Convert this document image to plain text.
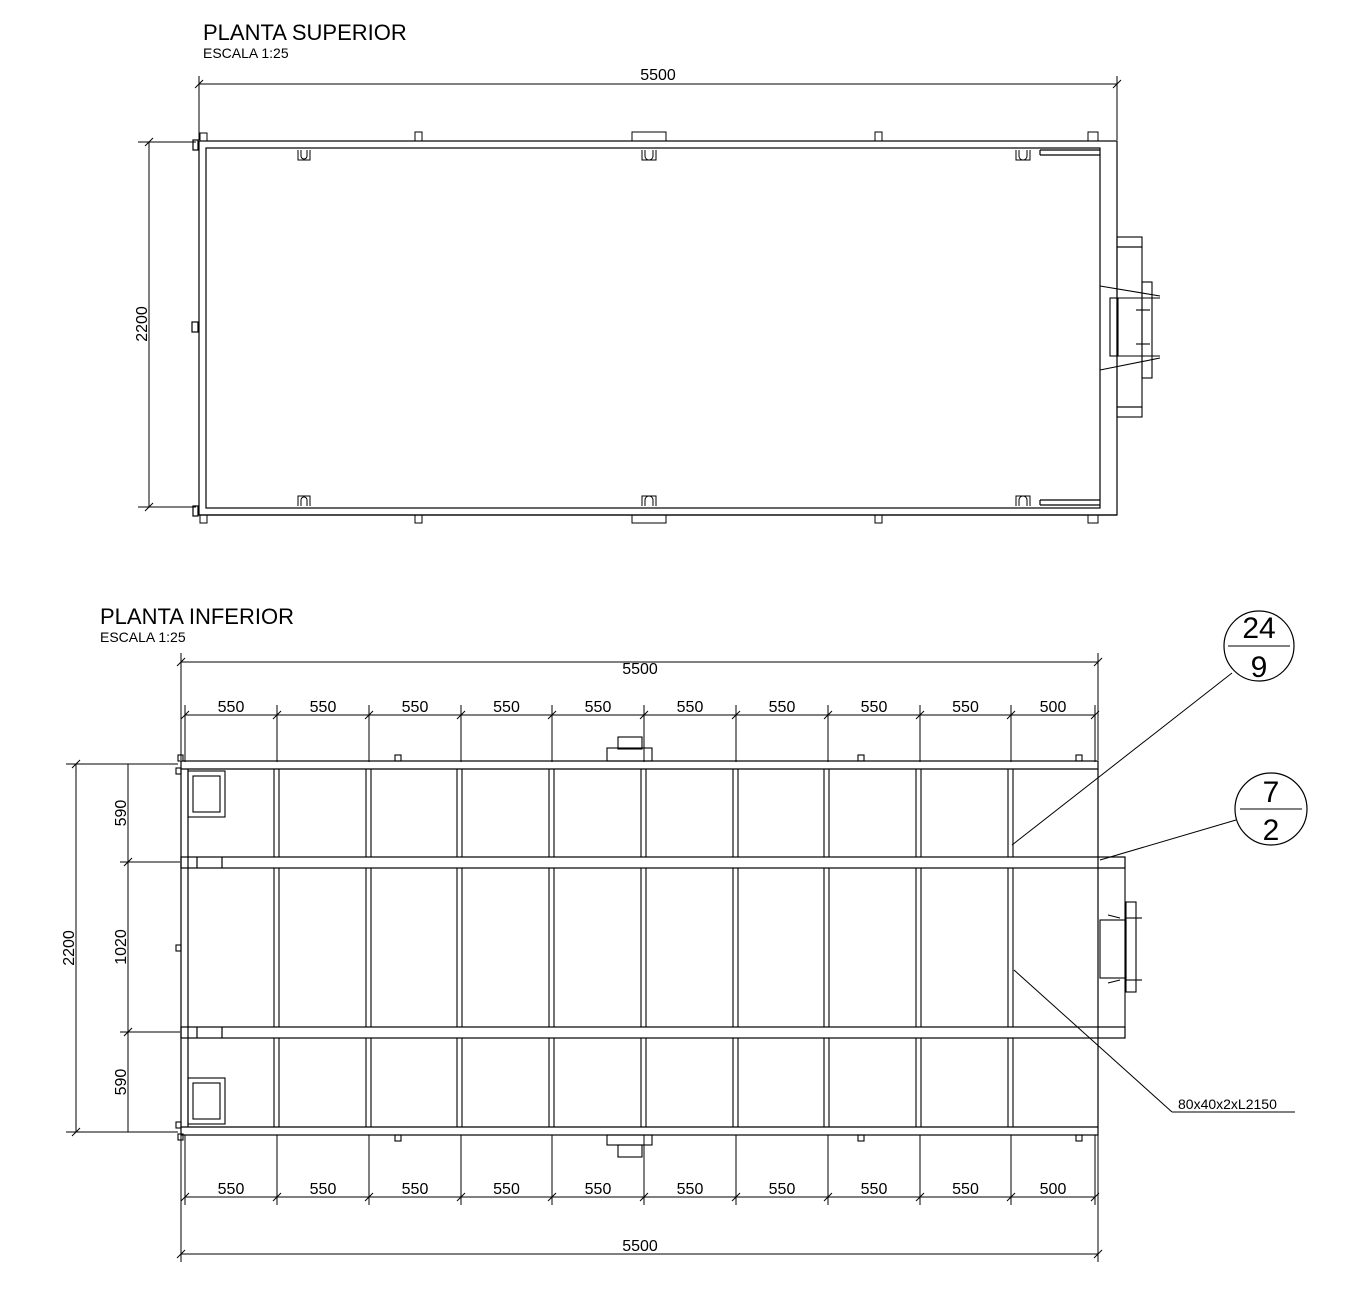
PLANTA SUPERIOR
ESCALA 1:25
5500
2200
PLANTA INFERIOR
ESCALA 1:25
5500
550	550	550	550	550	550	550	550	550	500
550	550	550	550	550	550	550	550	550	500
5500
2200
590
1020
590
24
9
7
2
80x40x2xL2150
